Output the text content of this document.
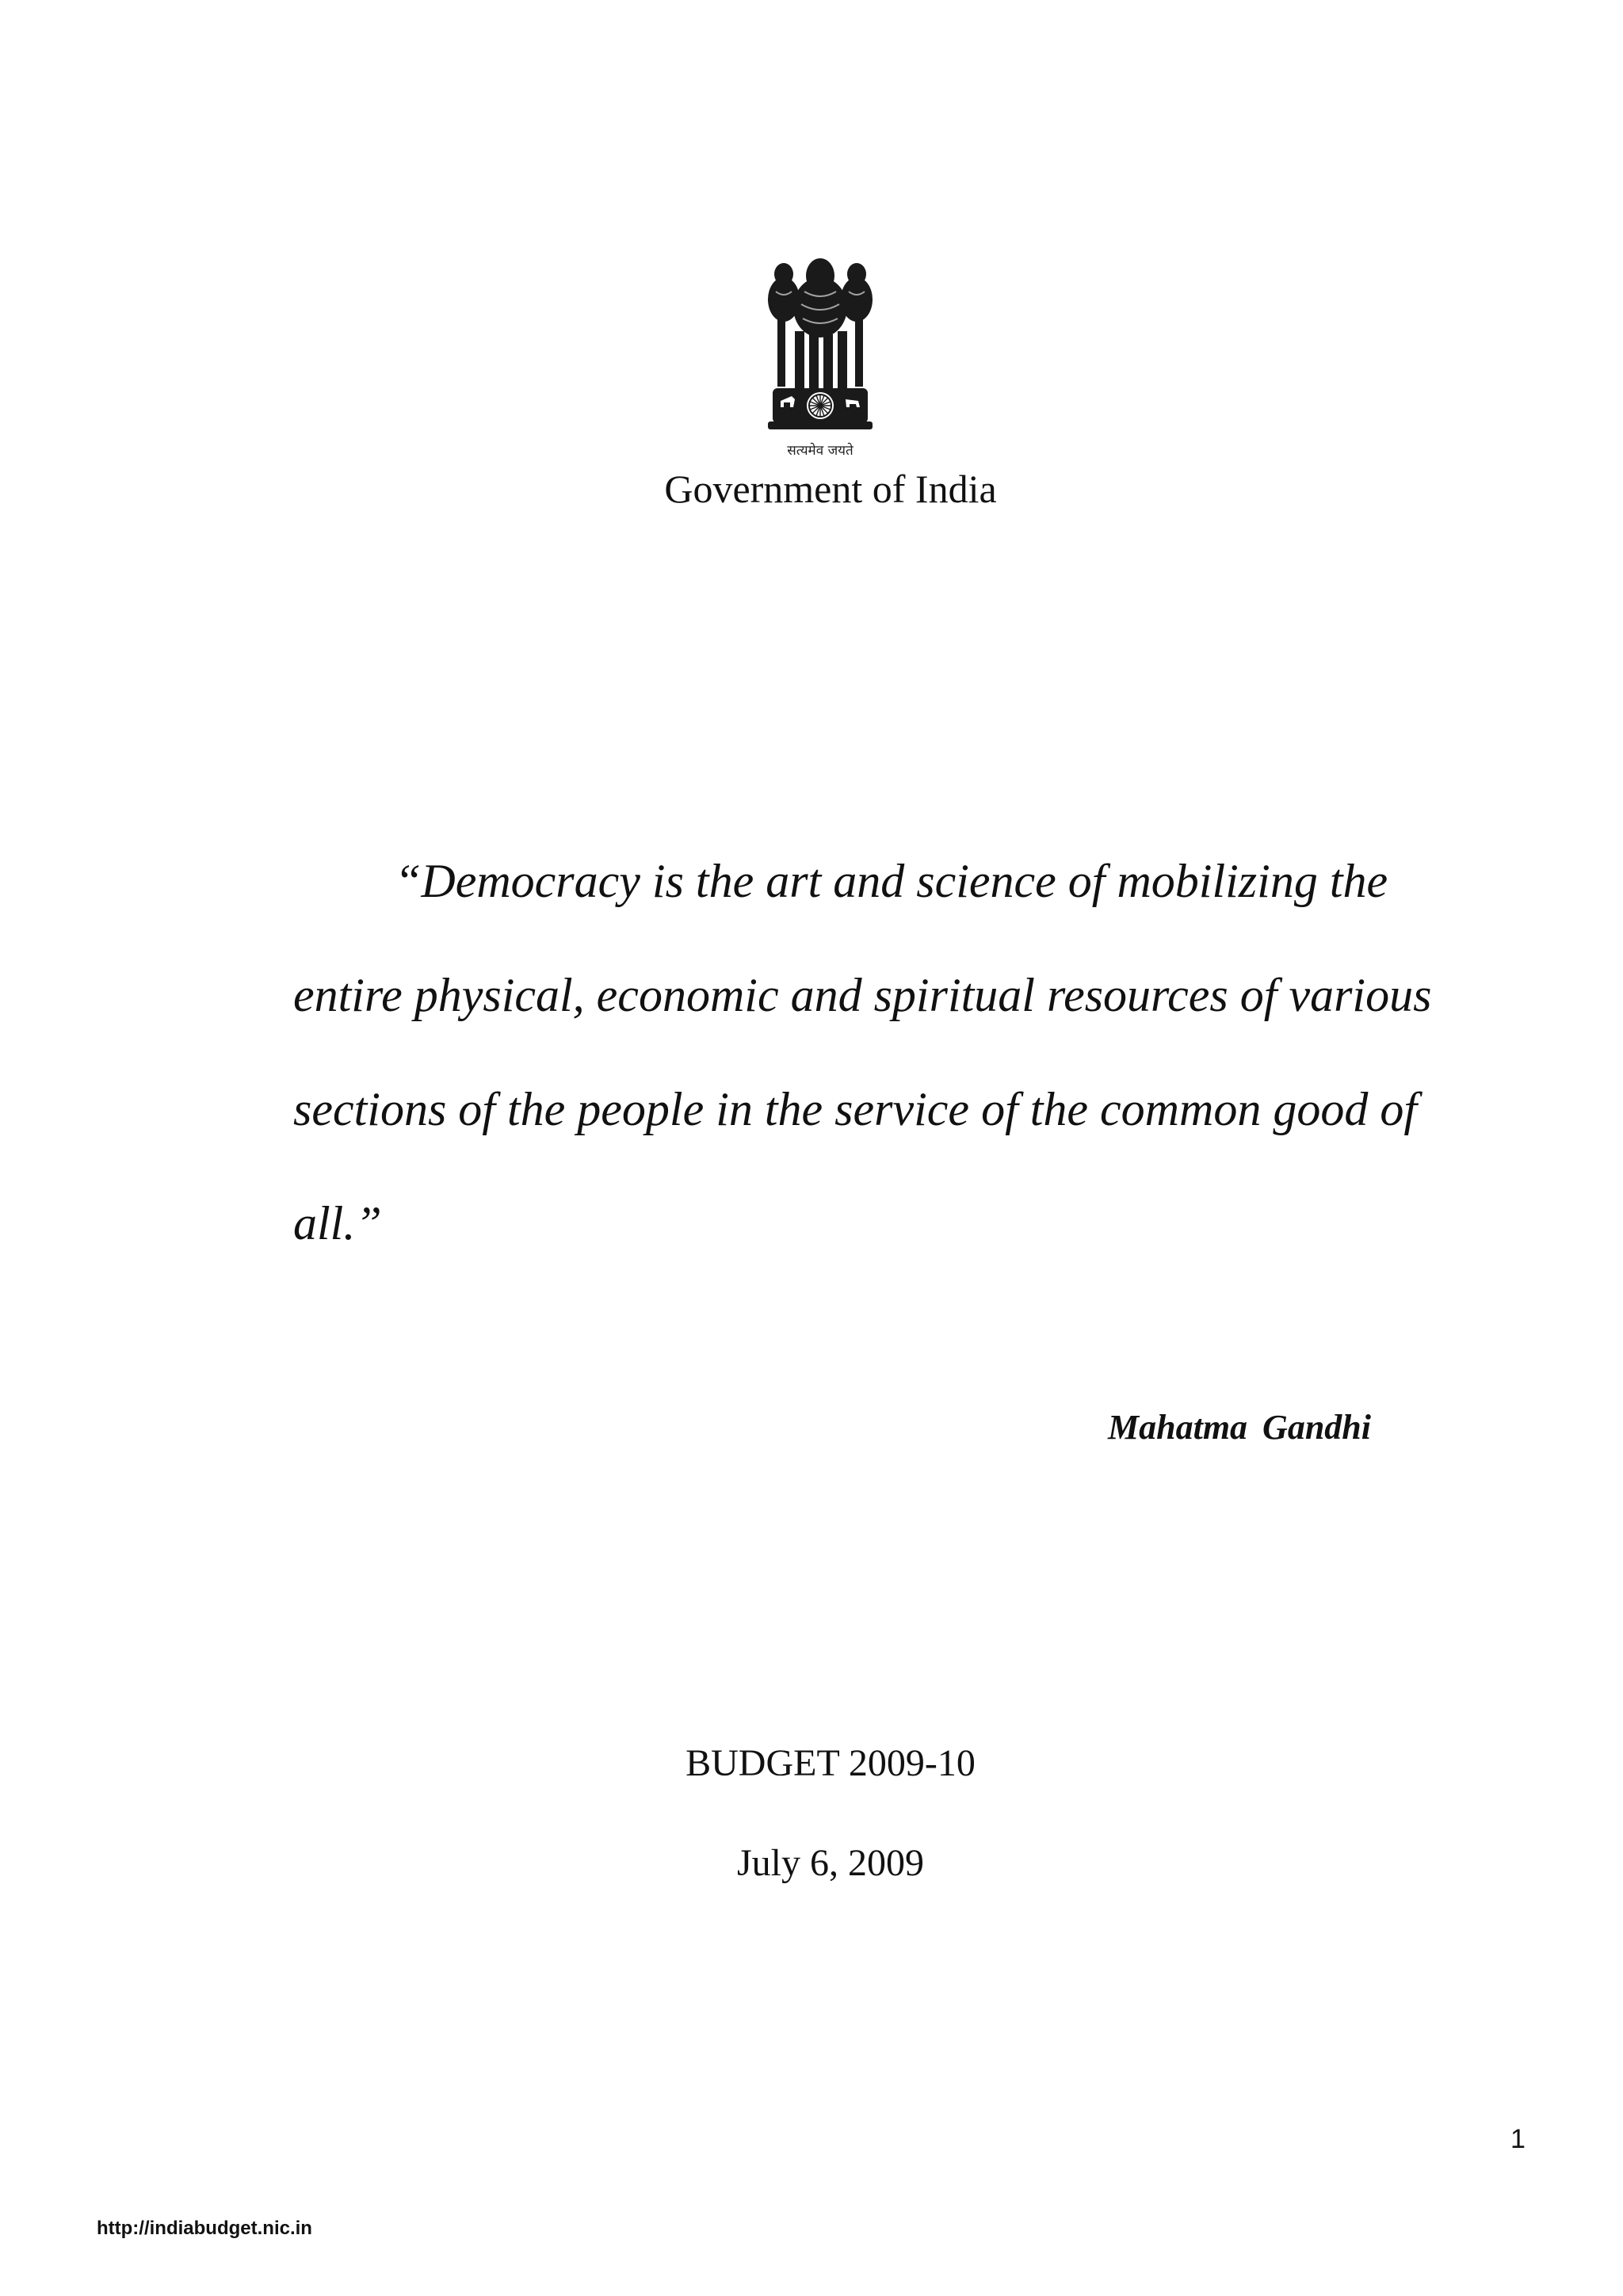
सत्यमेव जयते
Government of India

“Democracy is the art and science of mobilizing the
entire physical, economic and spiritual resources of various
sections of the people in the service of the common good of
all.”

Mahatma Gandhi
BUDGET 2009-10
July 6, 2009
1
http://indiabudget.nic.in
